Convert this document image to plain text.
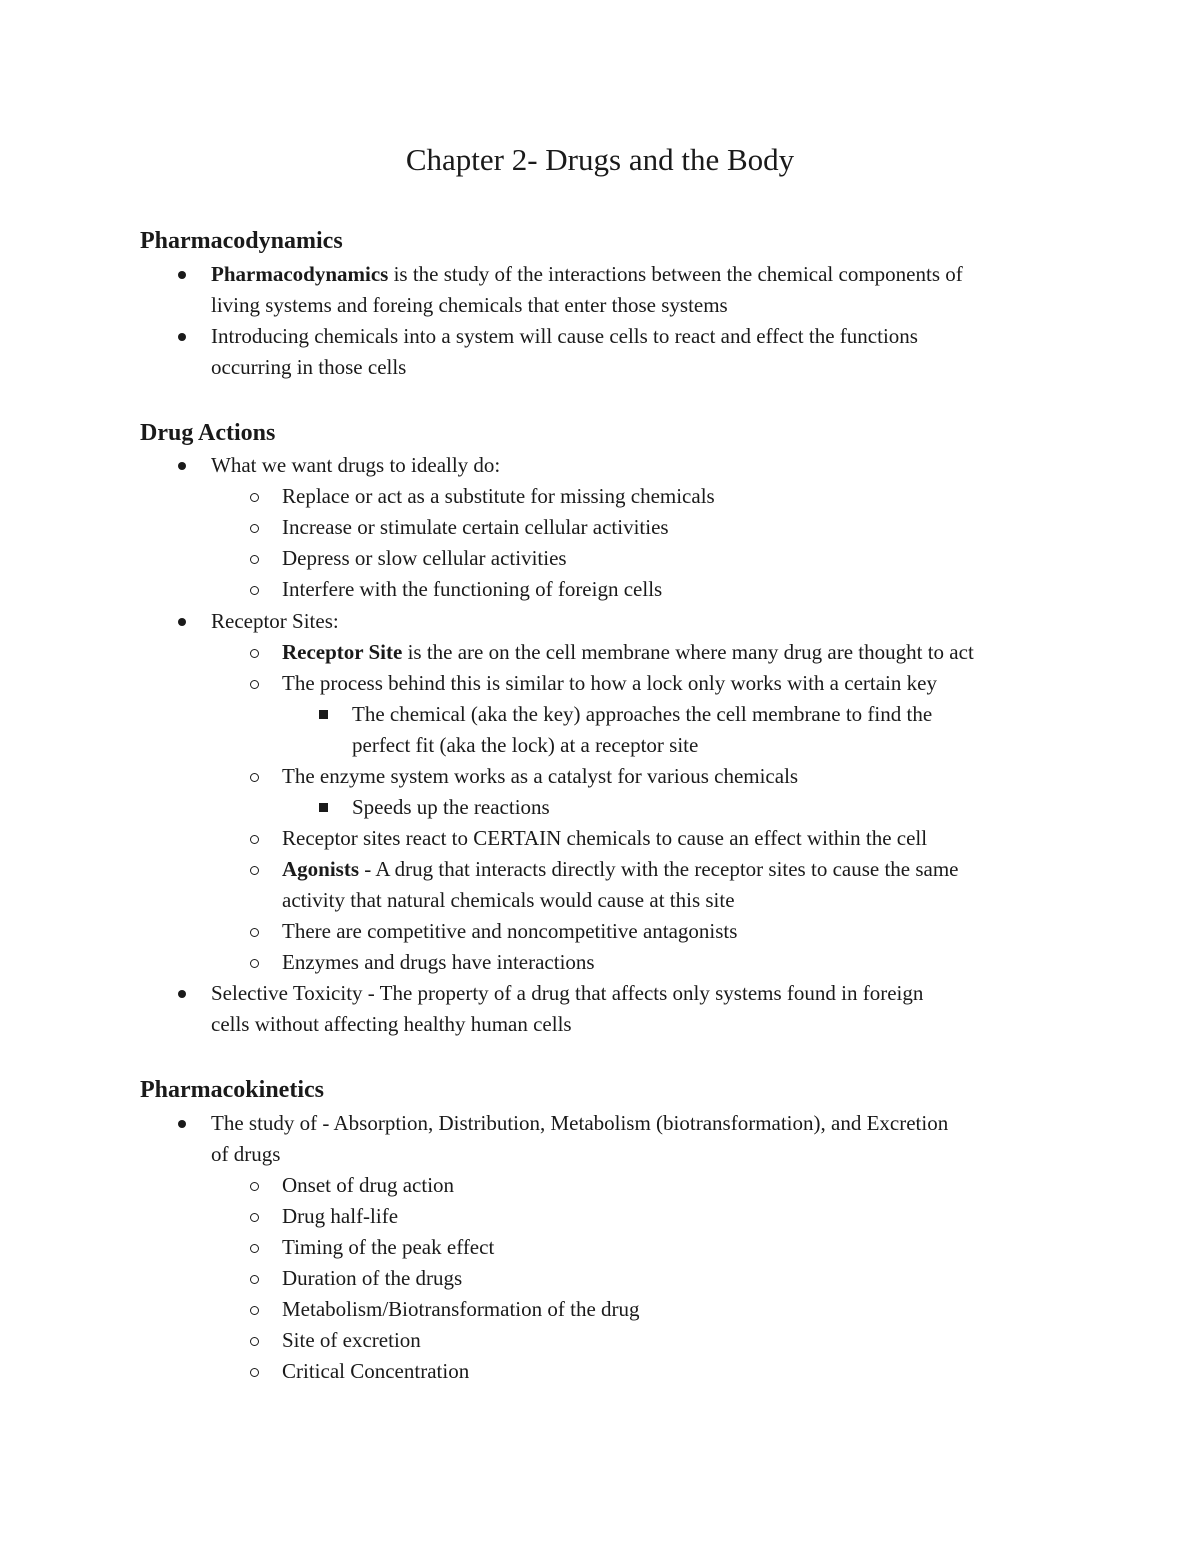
Chapter 2- Drugs and the Body
Pharmacodynamics
Pharmacodynamics is the study of the interactions between the chemical components of
living systems and foreing chemicals that enter those systems
Introducing chemicals into a system will cause cells to react and effect the functions
occurring in those cells
Drug Actions
What we want drugs to ideally do:
Replace or act as a substitute for missing chemicals
Increase or stimulate certain cellular activities
Depress or slow cellular activities
Interfere with the functioning of foreign cells
Receptor Sites:
Receptor Site is the are on the cell membrane where many drug are thought to act
The process behind this is similar to how a lock only works with a certain key
The chemical (aka the key) approaches the cell membrane to find the
perfect fit (aka the lock) at a receptor site
The enzyme system works as a catalyst for various chemicals
Speeds up the reactions
Receptor sites react to CERTAIN chemicals to cause an effect within the cell
Agonists - A drug that interacts directly with the receptor sites to cause the same
activity that natural chemicals would cause at this site
There are competitive and noncompetitive antagonists
Enzymes and drugs have interactions
Selective Toxicity - The property of a drug that affects only systems found in foreign
cells without affecting healthy human cells
Pharmacokinetics
The study of - Absorption, Distribution, Metabolism (biotransformation), and Excretion
of drugs
Onset of drug action
Drug half-life
Timing of the peak effect
Duration of the drugs
Metabolism/Biotransformation of the drug
Site of excretion
Critical Concentration
